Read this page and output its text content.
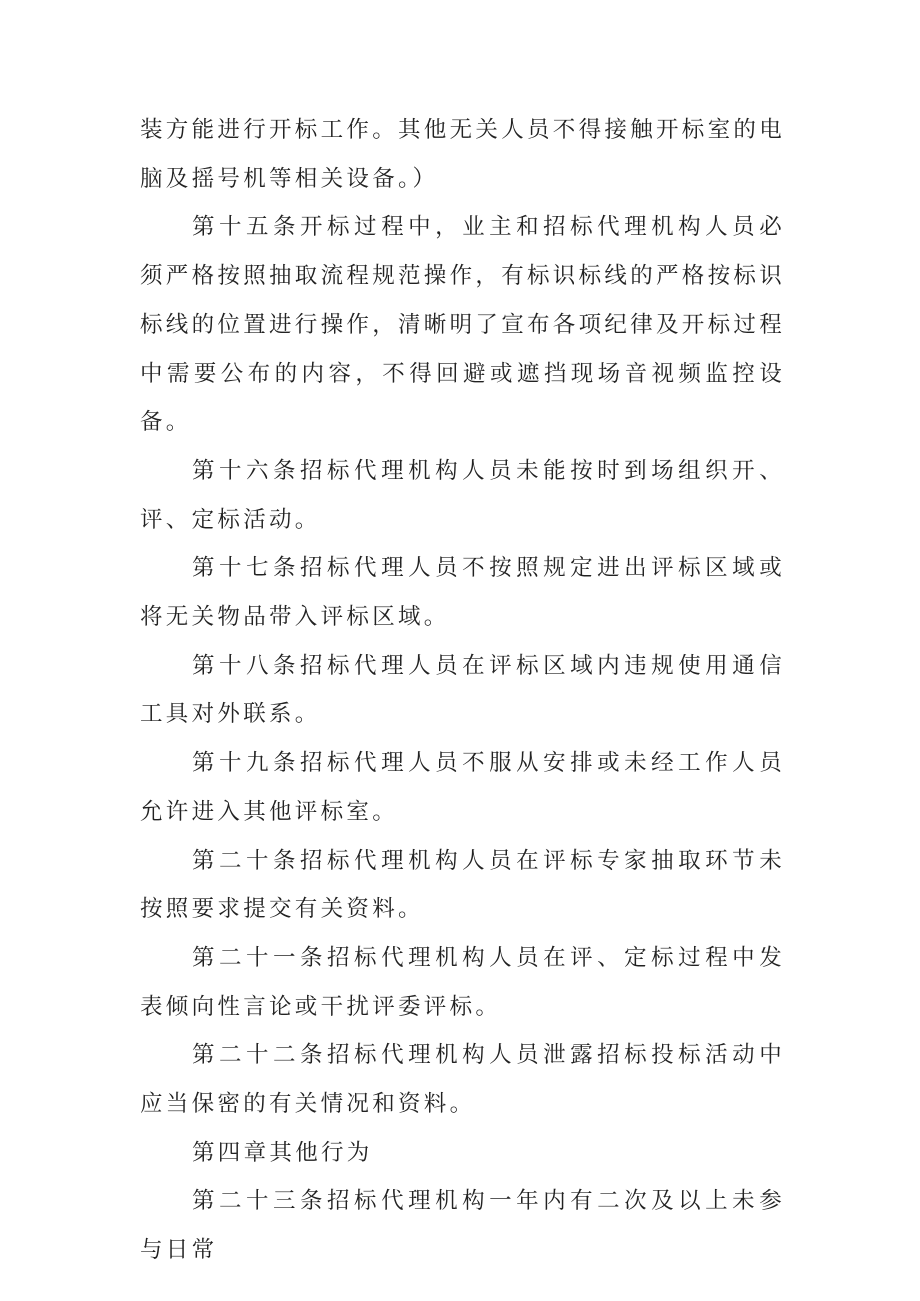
装方能进行开标工作。其他无关人员不得接触开标室的电脑及摇号机等相关设备。）

第十五条开标过程中，业主和招标代理机构人员必须严格按照抽取流程规范操作，有标识标线的严格按标识标线的位置进行操作，清晰明了宣布各项纪律及开标过程中需要公布的内容，不得回避或遮挡现场音视频监控设备。

第十六条招标代理机构人员未能按时到场组织开、评、定标活动。

第十七条招标代理人员不按照规定进出评标区域或将无关物品带入评标区域。

第十八条招标代理人员在评标区域内违规使用通信工具对外联系。

第十九条招标代理人员不服从安排或未经工作人员允许进入其他评标室。

第二十条招标代理机构人员在评标专家抽取环节未按照要求提交有关资料。

第二十一条招标代理机构人员在评、定标过程中发表倾向性言论或干扰评委评标。

第二十二条招标代理机构人员泄露招标投标活动中应当保密的有关情况和资料。

第四章其他行为

第二十三条招标代理机构一年内有二次及以上未参与日常
